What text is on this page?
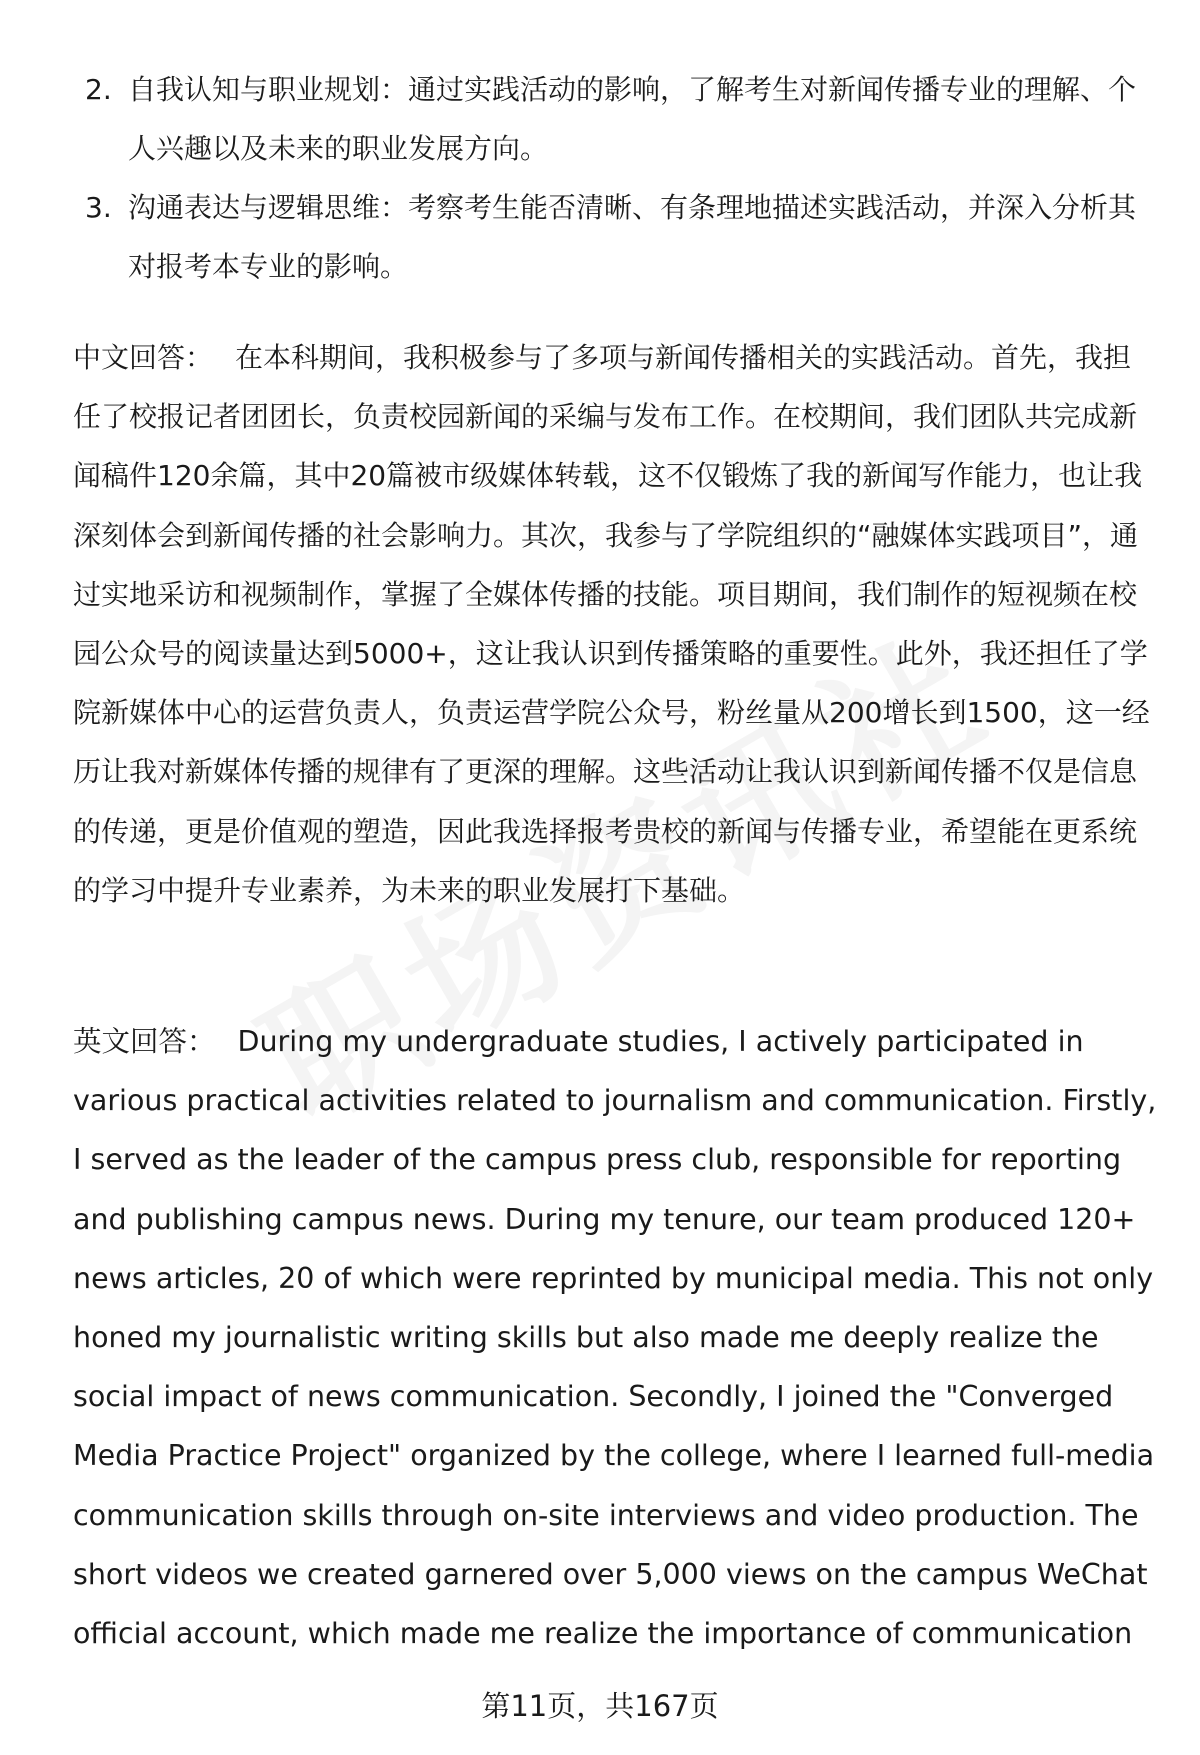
2. 自我认知与职业规划：通过实践活动的影响，了解考生对新闻传播专业的理解、个人兴趣以及未来的职业发展方向。
3. 沟通表达与逻辑思维：考察考生能否清晰、有条理地描述实践活动，并深入分析其对报考本专业的影响。

中文回答： 在本科期间，我积极参与了多项与新闻传播相关的实践活动。首先，我担任了校报记者团团长，负责校园新闻的采编与发布工作。在校期间，我们团队共完成新闻稿件120余篇，其中20篇被市级媒体转载，这不仅锻炼了我的新闻写作能力，也让我深刻体会到新闻传播的社会影响力。其次，我参与了学院组织的“融媒体实践项目”，通过实地采访和视频制作，掌握了全媒体传播的技能。项目期间，我们制作的短视频在校园公众号的阅读量达到5000+，这让我认识到传播策略的重要性。此外，我还担任了学院新媒体中心的运营负责人，负责运营学院公众号，粉丝量从200增长到1500，这一经历让我对新媒体传播的规律有了更深的理解。这些活动让我认识到新闻传播不仅是信息的传递，更是价值观的塑造，因此我选择报考贵校的新闻与传播专业，希望能在更系统的学习中提升专业素养，为未来的职业发展打下基础。

英文回答： During my undergraduate studies, I actively participated in various practical activities related to journalism and communication. Firstly, I served as the leader of the campus press club, responsible for reporting and publishing campus news. During my tenure, our team produced 120+ news articles, 20 of which were reprinted by municipal media. This not only honed my journalistic writing skills but also made me deeply realize the social impact of news communication. Secondly, I joined the "Converged Media Practice Project" organized by the college, where I learned full-media communication skills through on-site interviews and video production. The short videos we created garnered over 5,000 views on the campus WeChat official account, which made me realize the importance of communication

第11页，共167页
